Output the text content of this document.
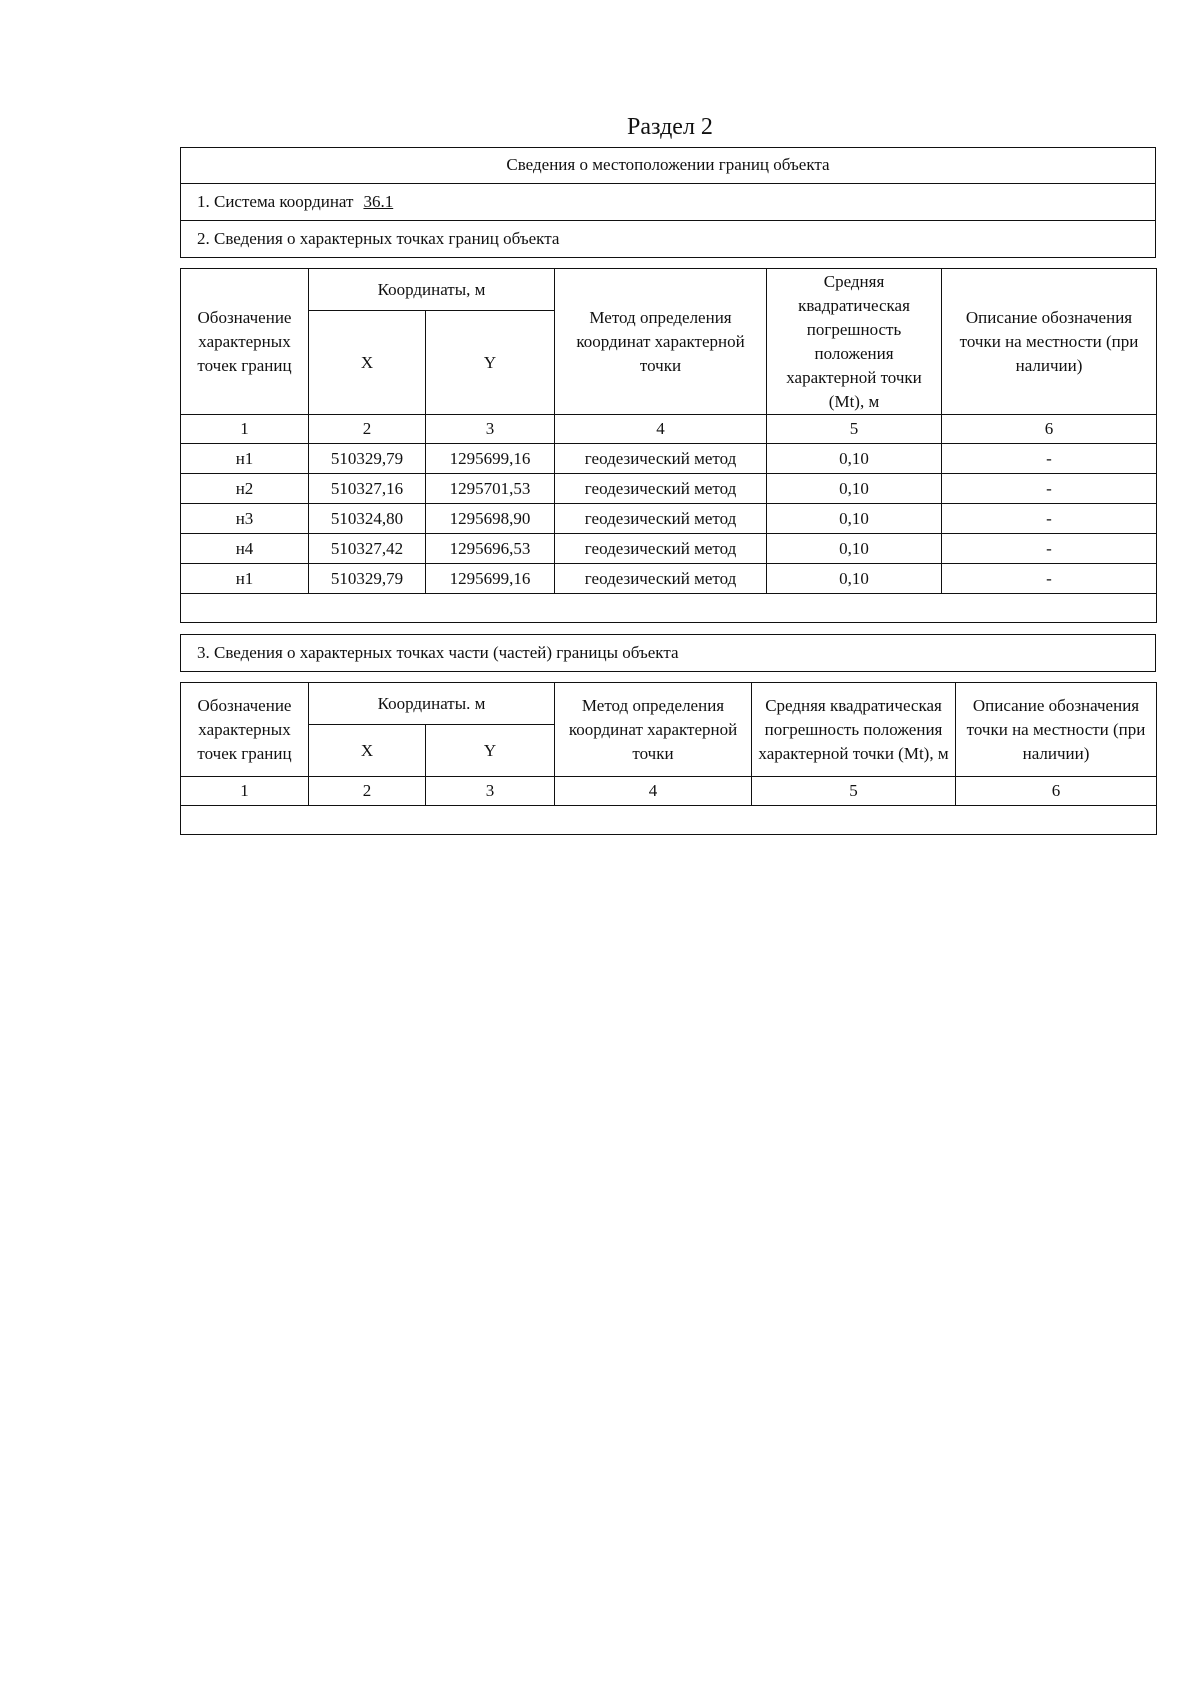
Раздел 2
Сведения о местоположении границ объекта
1. Система координат 36.1
2. Сведения о характерных точках границ объекта
Обозначение характерных точек границ	Координаты, м		Метод определения координат характерной точки	Средняя квадратическая погрешность положения характерной точки (Mt), м	Описание обозначения точки на местности (при наличии)
	X	Y			
1	2	3	4	5	6
н1	510329,79	1295699,16	геодезический метод	0,10	-
н2	510327,16	1295701,53	геодезический метод	0,10	-
н3	510324,80	1295698,90	геодезический метод	0,10	-
н4	510327,42	1295696,53	геодезический метод	0,10	-
н1	510329,79	1295699,16	геодезический метод	0,10	-

3. Сведения о характерных точках части (частей) границы объекта
Обозначение характерных точек границ	Координаты. м		Метод определения координат характерной точки	Средняя квадратическая погрешность положения характерной точки (Mt), м	Описание обозначения точки на местности (при наличии)
	X	Y			
1	2	3	4	5	6
